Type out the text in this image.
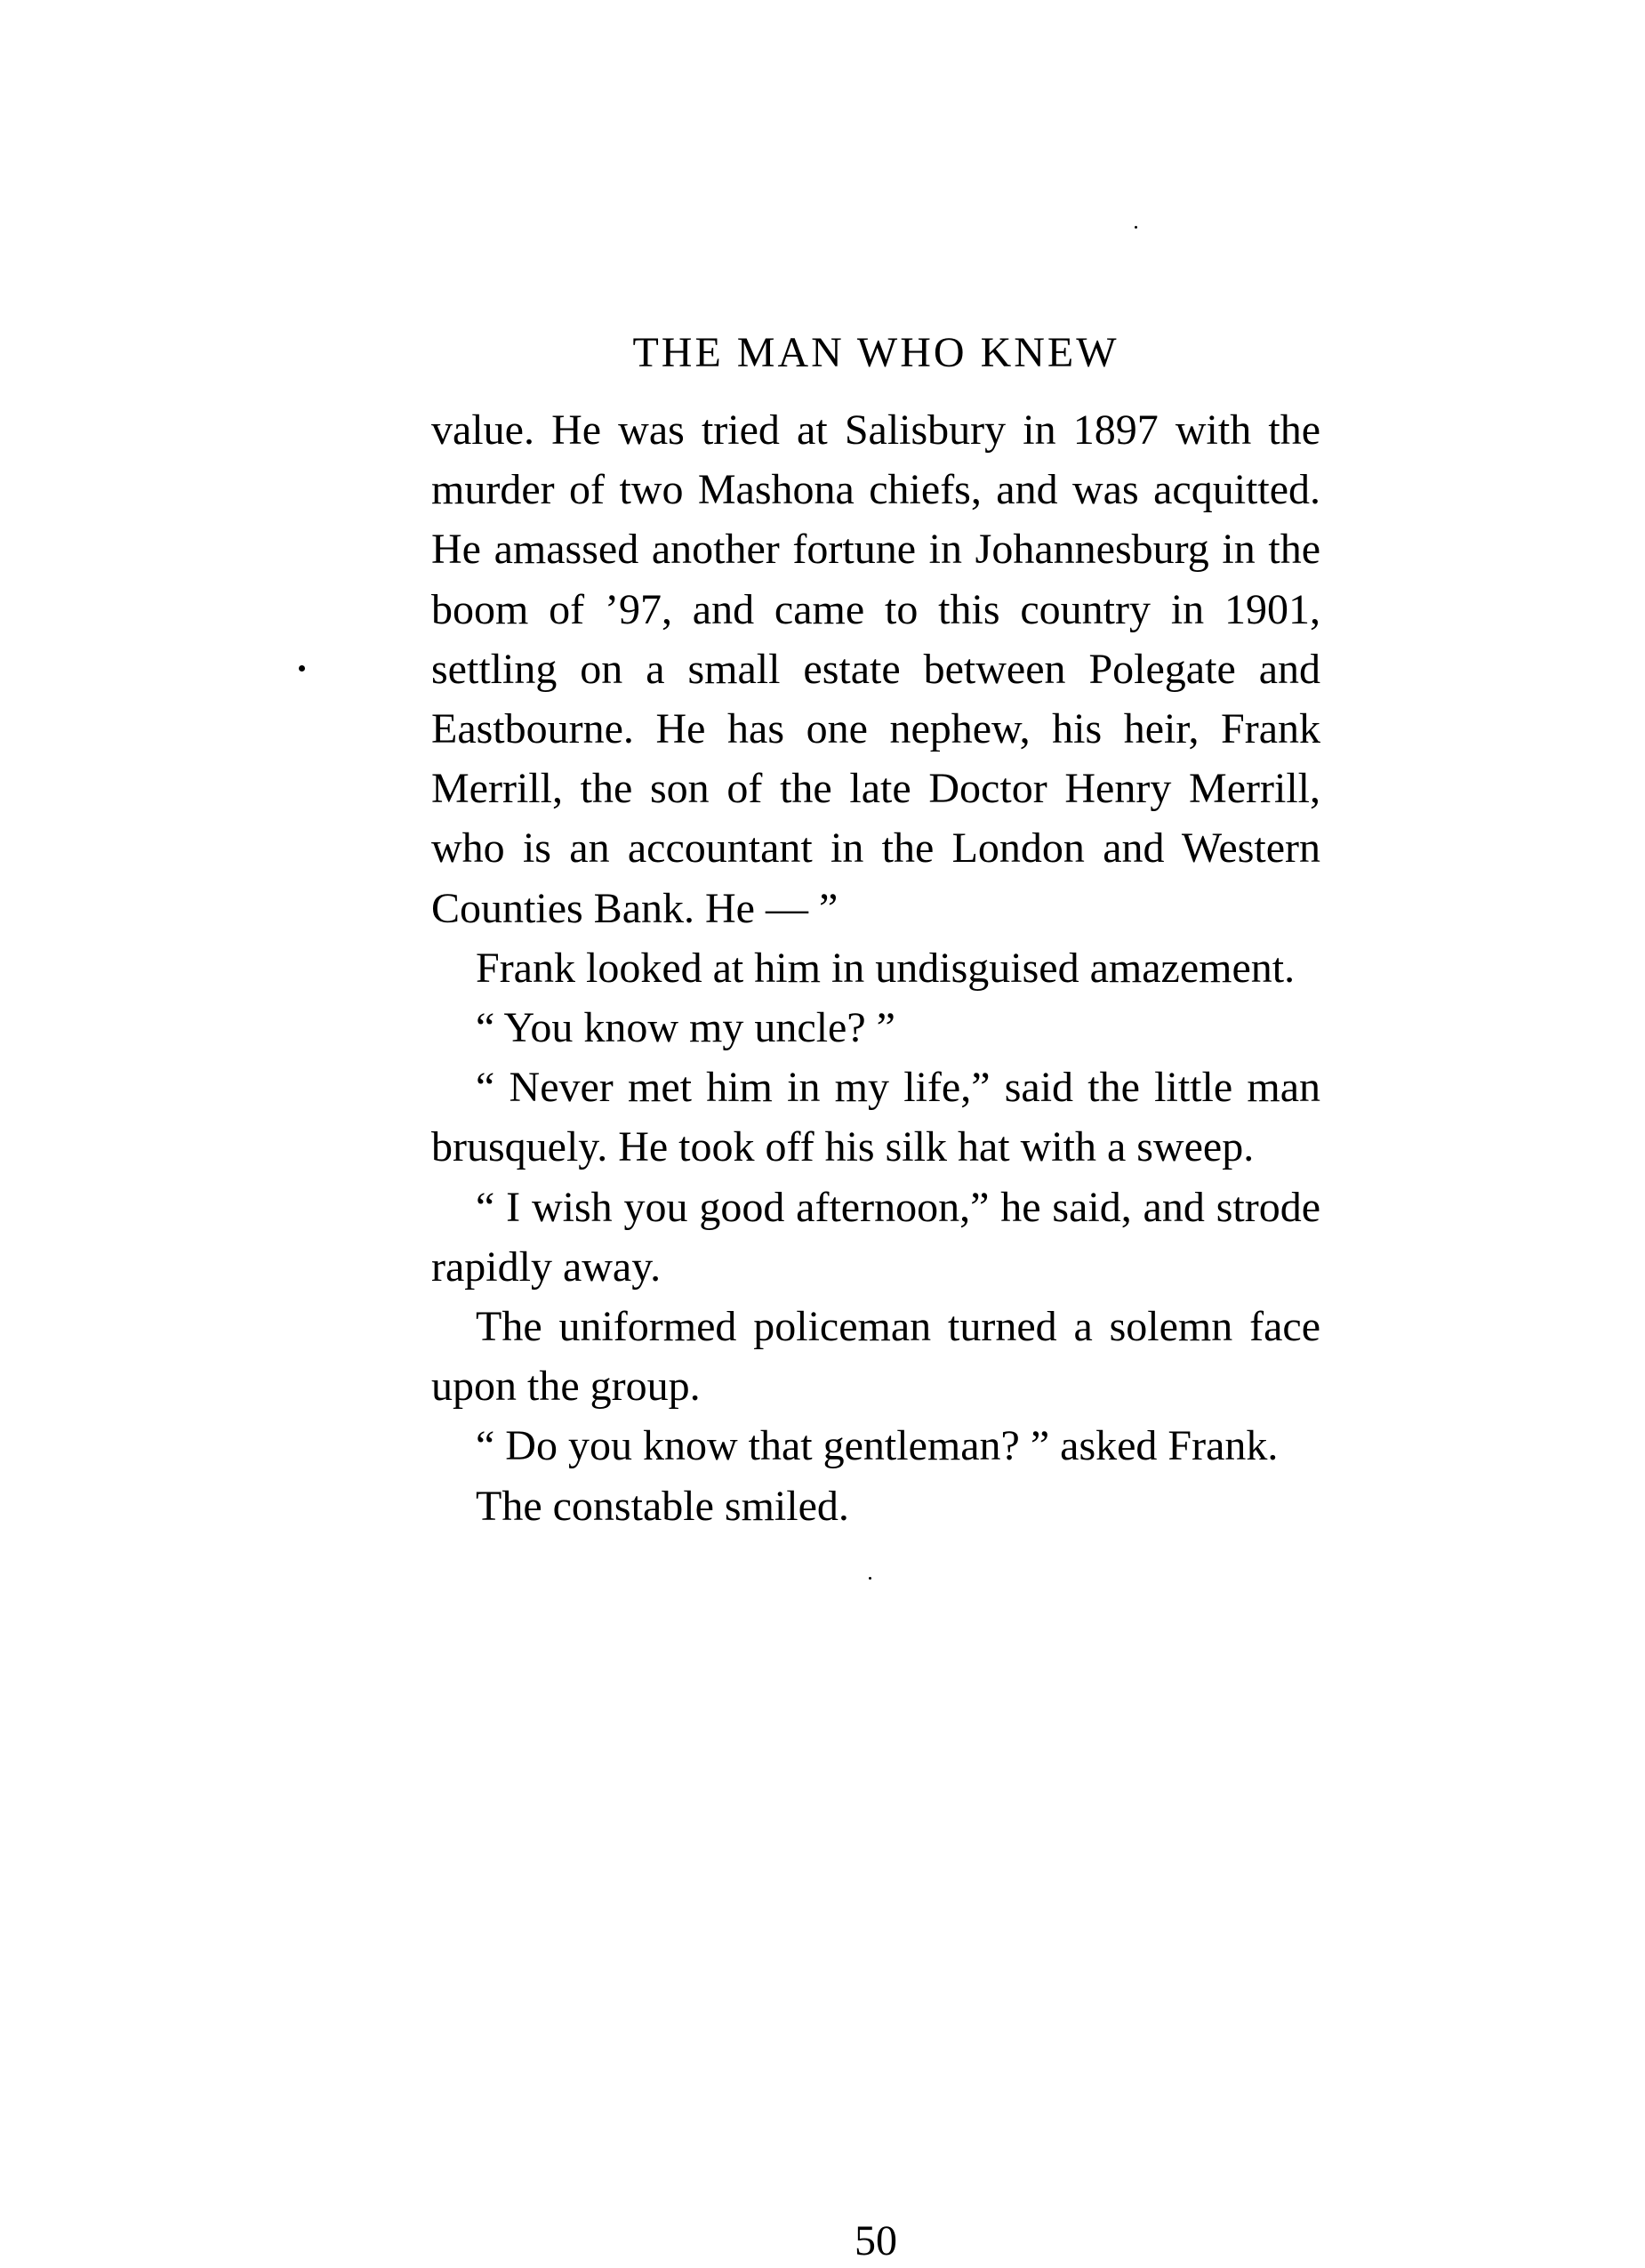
THE MAN WHO KNEW

value. He was tried at Salisbury in 1897 with the murder of two Mashona chiefs, and was acquitted. He amassed another fortune in Johannesburg in the boom of ’97, and came to this country in 1901, settling on a small estate between Polegate and Eastbourne. He has one nephew, his heir, Frank Merrill, the son of the late Doctor Henry Merrill, who is an accountant in the London and Western Counties Bank. He — ”

Frank looked at him in undisguised amazement.

“ You know my uncle? ”

“ Never met him in my life,” said the little man brusquely. He took off his silk hat with a sweep.

“ I wish you good afternoon,” he said, and strode rapidly away.

The uniformed policeman turned a solemn face upon the group.

“ Do you know that gentleman? ” asked Frank.

The constable smiled.

50
